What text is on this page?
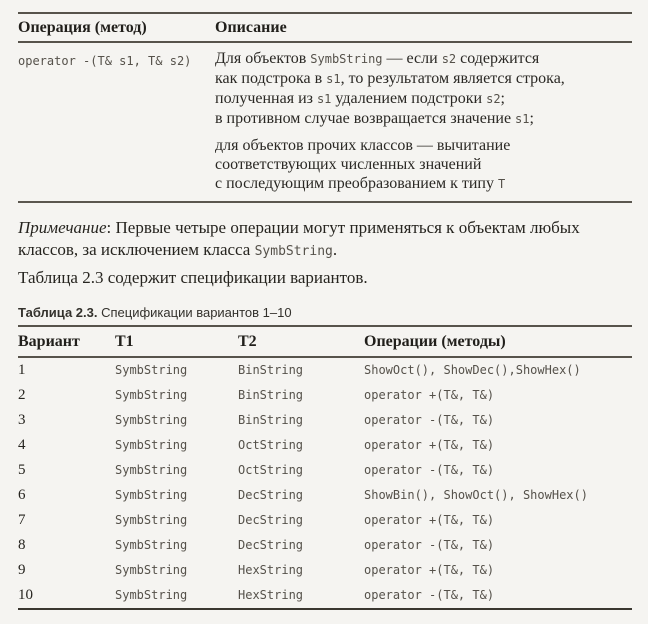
Операция (метод)	Описание
operator -(T& s1, T& s2)	Для объектов SymbString — если s2 содержится

как подстрока в s1, то результатом является строка,

полученная из s1 удалением подстроки s2;

в противном случае возвращается значение s1;

для объектов прочих классов — вычитание

соответствующих численных значений

с последующим преобразованием к типу T

Примечание: Первые четыре операции могут применяться к объектам любых классов, за исключением класса SymbString.

Таблица 2.3 содержит спецификации вариантов.

Таблица 2.3. Спецификации вариантов 1–10
Вариант	T1	T2	Операции (методы)
1	SymbString	BinString	ShowOct(), ShowDec(),ShowHex()
2	SymbString	BinString	operator +(T&, T&)
3	SymbString	BinString	operator -(T&, T&)
4	SymbString	OctString	operator +(T&, T&)
5	SymbString	OctString	operator -(T&, T&)
6	SymbString	DecString	ShowBin(), ShowOct(), ShowHex()
7	SymbString	DecString	operator +(T&, T&)
8	SymbString	DecString	operator -(T&, T&)
9	SymbString	HexString	operator +(T&, T&)
10	SymbString	HexString	operator -(T&, T&)
